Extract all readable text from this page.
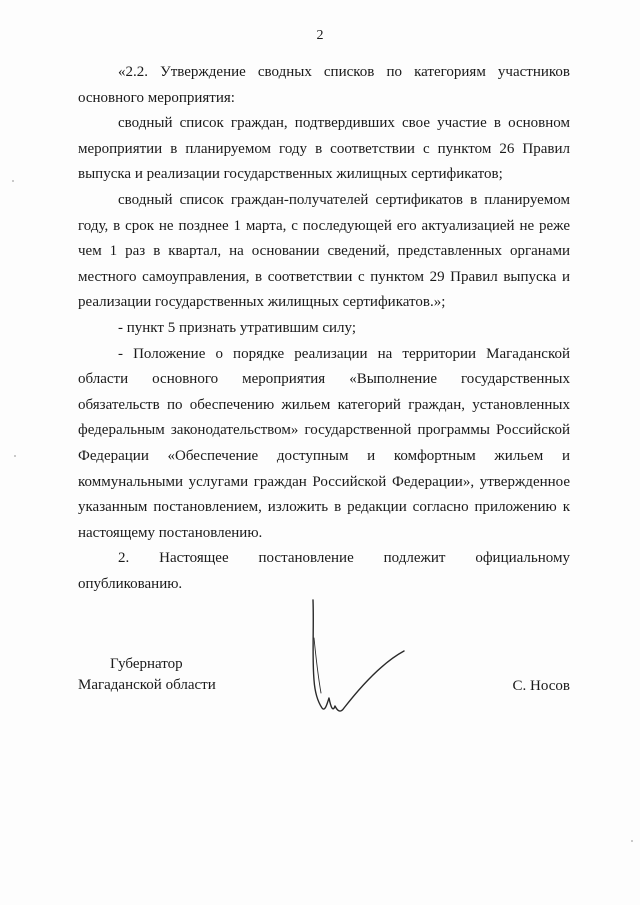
2

«2.2. Утверждение сводных списков по категориям участников основного мероприятия:

сводный список граждан, подтвердивших свое участие в основном мероприятии в планируемом году в соответствии с пунктом 26 Правил выпуска и реализации государственных жилищных сертификатов;

сводный список граждан-получателей сертификатов в планируемом году, в срок не позднее 1 марта, с последующей его актуализацией не реже чем 1 раз в квартал, на основании сведений, представленных органами местного самоуправления, в соответствии с пунктом 29 Правил выпуска и реализации государственных жилищных сертификатов.»;

- пункт 5 признать утратившим силу;

- Положение о порядке реализации на территории Магаданской области основного мероприятия «Выполнение государственных обязательств по обеспечению жильем категорий граждан, установленных федеральным законодательством» государственной программы Российской Федерации «Обеспечение доступным и комфортным жильем и коммунальными услугами граждан Российской Федерации», утвержденное указанным постановлением, изложить в редакции согласно приложению к настоящему постановлению.

2. Настоящее постановление подлежит официальному опубликованию.

Губернатор
Магаданской области	С. Носов
